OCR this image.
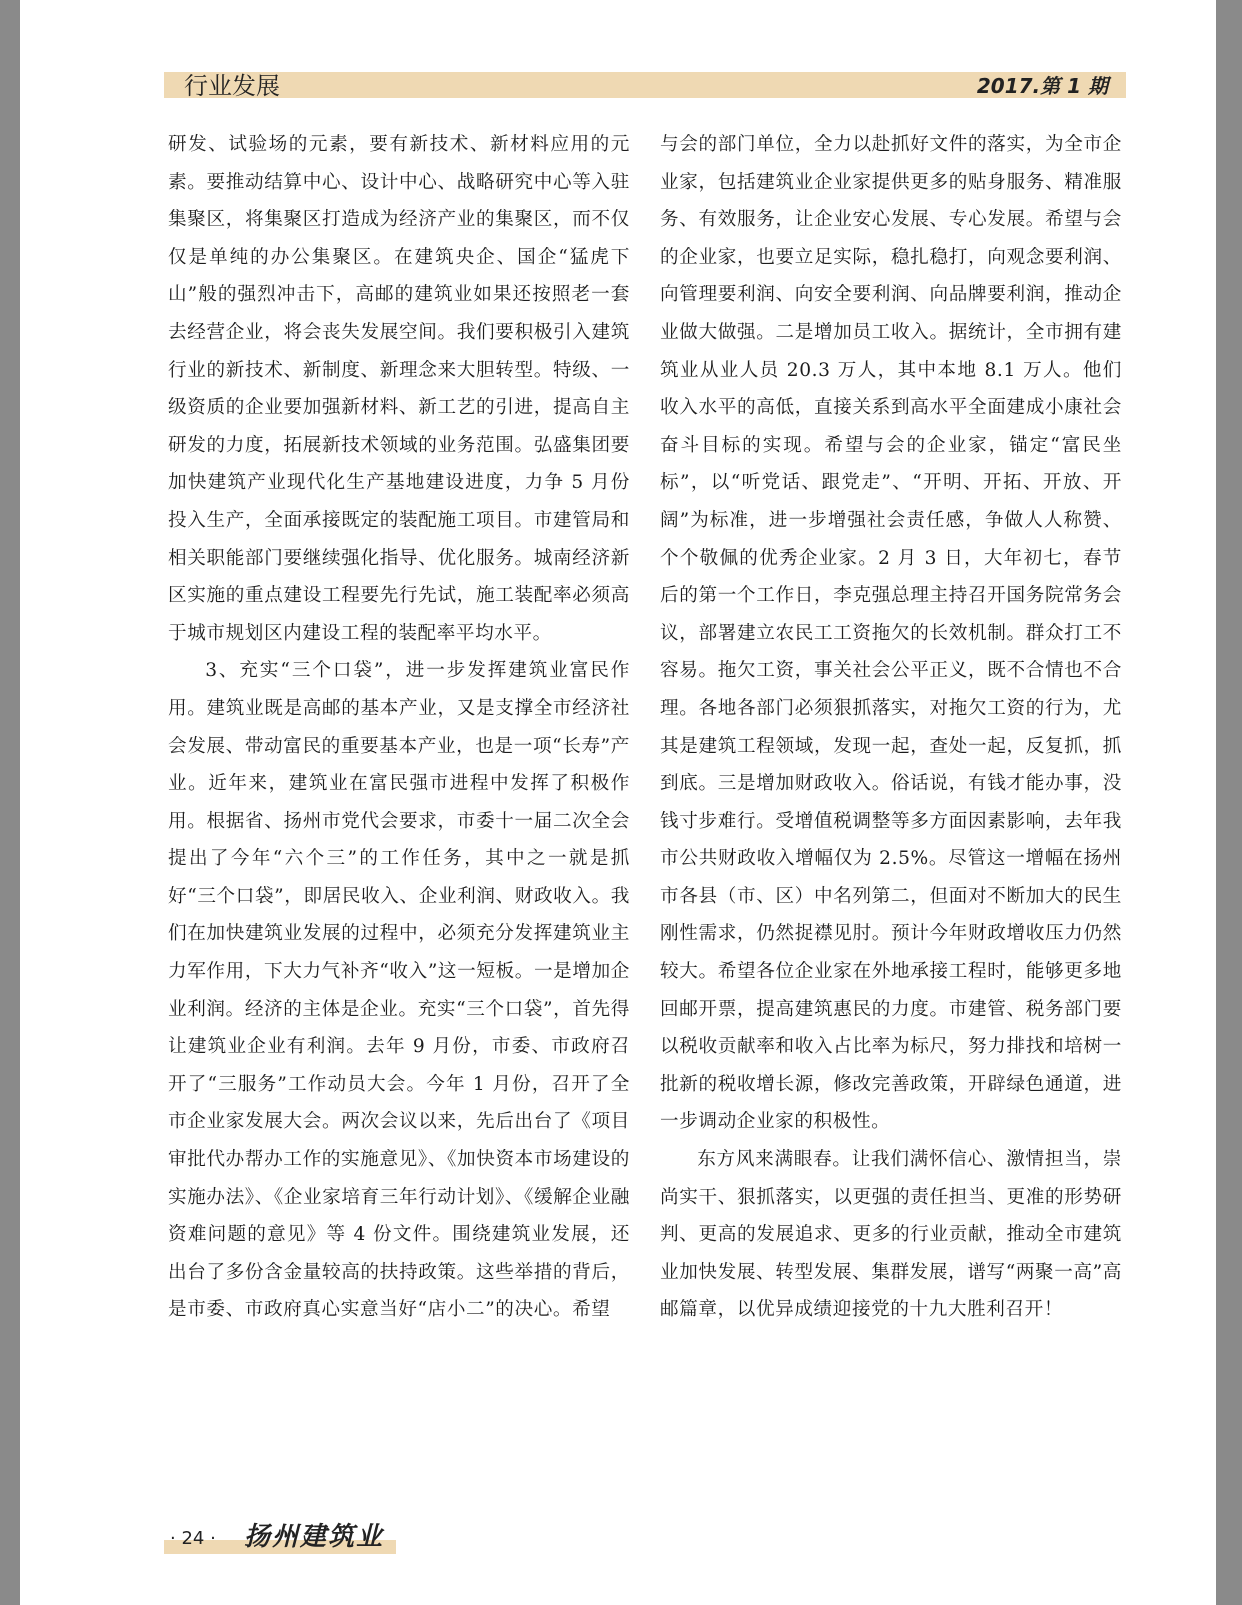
行业发展	2017.第 1 期

研发、试验场的元素，要有新技术、新材料应用的元素。要推动结算中心、设计中心、战略研究中心等入驻集聚区，将集聚区打造成为经济产业的集聚区，而不仅仅是单纯的办公集聚区。在建筑央企、国企“猛虎下山”般的强烈冲击下，高邮的建筑业如果还按照老一套去经营企业，将会丧失发展空间。我们要积极引入建筑行业的新技术、新制度、新理念来大胆转型。特级、一级资质的企业要加强新材料、新工艺的引进，提高自主研发的力度，拓展新技术领域的业务范围。弘盛集团要加快建筑产业现代化生产基地建设进度，力争 5 月份投入生产，全面承接既定的装配施工项目。市建管局和相关职能部门要继续强化指导、优化服务。城南经济新区实施的重点建设工程要先行先试，施工装配率必须高于城市规划区内建设工程的装配率平均水平。

3、充实“三个口袋”，进一步发挥建筑业富民作用。建筑业既是高邮的基本产业，又是支撑全市经济社会发展、带动富民的重要基本产业，也是一项“长寿”产业。近年来，建筑业在富民强市进程中发挥了积极作用。根据省、扬州市党代会要求，市委十一届二次全会提出了今年“六个三”的工作任务，其中之一就是抓好“三个口袋”，即居民收入、企业利润、财政收入。我们在加快建筑业发展的过程中，必须充分发挥建筑业主力军作用，下大力气补齐“收入”这一短板。一是增加企业利润。经济的主体是企业。充实“三个口袋”，首先得让建筑业企业有利润。去年 9 月份，市委、市政府召开了“三服务”工作动员大会。今年 1 月份，召开了全市企业家发展大会。两次会议以来，先后出台了《项目审批代办帮办工作的实施意见》、《加快资本市场建设的实施办法》、《企业家培育三年行动计划》、《缓解企业融资难问题的意见》等 4 份文件。围绕建筑业发展，还出台了多份含金量较高的扶持政策。这些举措的背后，是市委、市政府真心实意当好“店小二”的决心。希望

与会的部门单位，全力以赴抓好文件的落实，为全市企业家，包括建筑业企业家提供更多的贴身服务、精准服务、有效服务，让企业安心发展、专心发展。希望与会的企业家，也要立足实际，稳扎稳打，向观念要利润、向管理要利润、向安全要利润、向品牌要利润，推动企业做大做强。二是增加员工收入。据统计，全市拥有建筑业从业人员 20.3 万人，其中本地 8.1 万人。他们收入水平的高低，直接关系到高水平全面建成小康社会奋斗目标的实现。希望与会的企业家，锚定“富民坐标”，以“听党话、跟党走”、“开明、开拓、开放、开阔”为标准，进一步增强社会责任感，争做人人称赞、个个敬佩的优秀企业家。2 月 3 日，大年初七，春节后的第一个工作日，李克强总理主持召开国务院常务会议，部署建立农民工工资拖欠的长效机制。群众打工不容易。拖欠工资，事关社会公平正义，既不合情也不合理。各地各部门必须狠抓落实，对拖欠工资的行为，尤其是建筑工程领域，发现一起，查处一起，反复抓，抓到底。三是增加财政收入。俗话说，有钱才能办事，没钱寸步难行。受增值税调整等多方面因素影响，去年我市公共财政收入增幅仅为 2.5%。尽管这一增幅在扬州市各县（市、区）中名列第二，但面对不断加大的民生刚性需求，仍然捉襟见肘。预计今年财政增收压力仍然较大。希望各位企业家在外地承接工程时，能够更多地回邮开票，提高建筑惠民的力度。市建管、税务部门要以税收贡献率和收入占比率为标尺，努力排找和培树一批新的税收增长源，修改完善政策，开辟绿色通道，进一步调动企业家的积极性。

东方风来满眼春。让我们满怀信心、激情担当，崇尚实干、狠抓落实，以更强的责任担当、更准的形势研判、更高的发展追求、更多的行业贡献，推动全市建筑业加快发展、转型发展、集群发展，谱写“两聚一高”高邮篇章，以优异成绩迎接党的十九大胜利召开！

· 24 · 扬州建筑业
